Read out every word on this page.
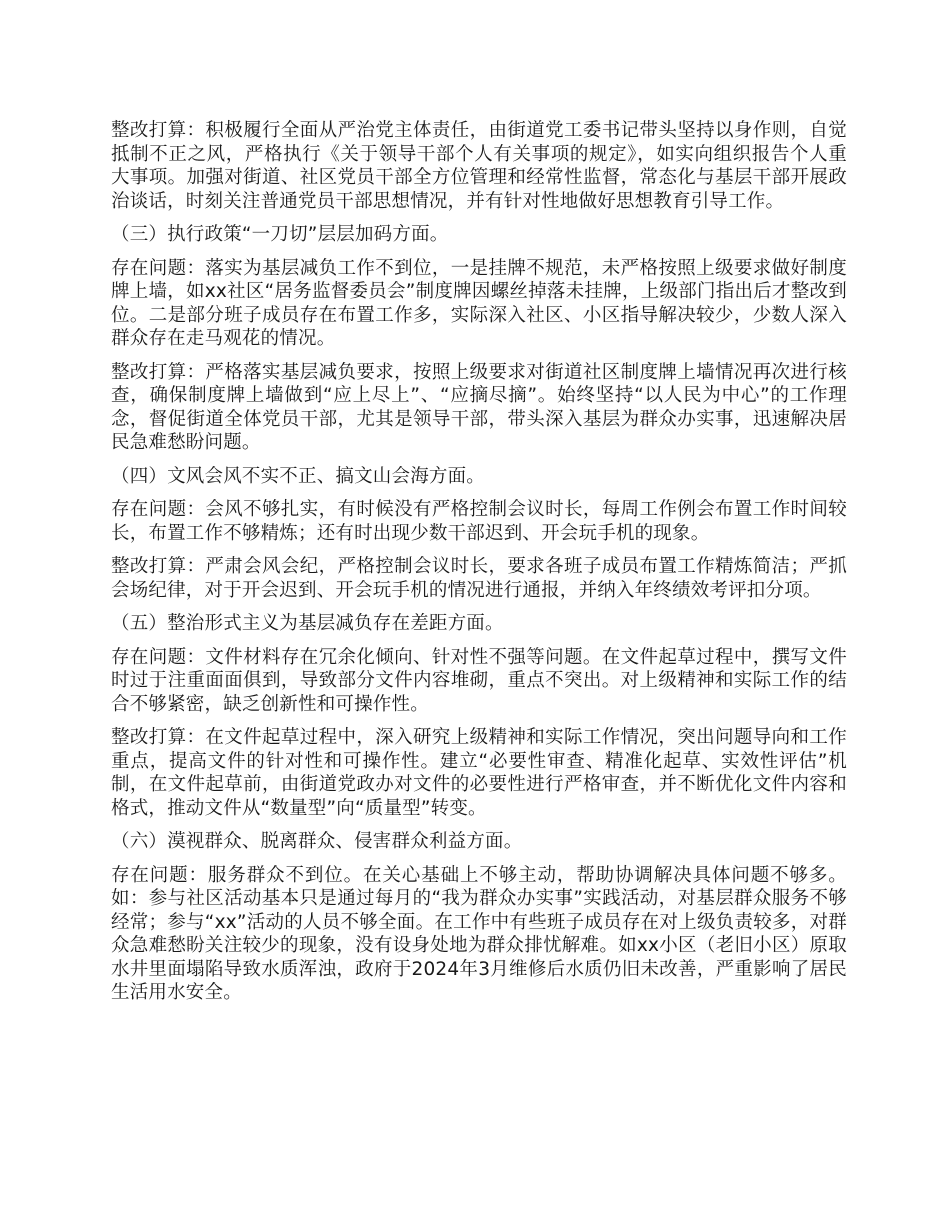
整改打算：积极履行全面从严治党主体责任，由街道党工委书记带头坚持以身作则，自觉抵制不正之风，严格执行《关于领导干部个人有关事项的规定》，如实向组织报告个人重大事项。加强对街道、社区党员干部全方位管理和经常性监督，常态化与基层干部开展政治谈话，时刻关注普通党员干部思想情况，并有针对性地做好思想教育引导工作。

（三）执行政策“一刀切”层层加码方面。

存在问题：落实为基层减负工作不到位，一是挂牌不规范，未严格按照上级要求做好制度牌上墙，如xx社区“居务监督委员会”制度牌因螺丝掉落未挂牌，上级部门指出后才整改到位。二是部分班子成员存在布置工作多，实际深入社区、小区指导解决较少，少数人深入群众存在走马观花的情况。

整改打算：严格落实基层减负要求，按照上级要求对街道社区制度牌上墙情况再次进行核查，确保制度牌上墙做到“应上尽上”、“应摘尽摘”。始终坚持“以人民为中心”的工作理念，督促街道全体党员干部，尤其是领导干部，带头深入基层为群众办实事，迅速解决居民急难愁盼问题。

（四）文风会风不实不正、搞文山会海方面。

存在问题：会风不够扎实，有时候没有严格控制会议时长，每周工作例会布置工作时间较长，布置工作不够精炼；还有时出现少数干部迟到、开会玩手机的现象。

整改打算：严肃会风会纪，严格控制会议时长，要求各班子成员布置工作精炼简洁；严抓会场纪律，对于开会迟到、开会玩手机的情况进行通报，并纳入年终绩效考评扣分项。

（五）整治形式主义为基层减负存在差距方面。

存在问题：文件材料存在冗余化倾向、针对性不强等问题。在文件起草过程中，撰写文件时过于注重面面俱到，导致部分文件内容堆砌，重点不突出。对上级精神和实际工作的结合不够紧密，缺乏创新性和可操作性。

整改打算：在文件起草过程中，深入研究上级精神和实际工作情况，突出问题导向和工作重点，提高文件的针对性和可操作性。建立“必要性审查、精准化起草、实效性评估”机制，在文件起草前，由街道党政办对文件的必要性进行严格审查，并不断优化文件内容和格式，推动文件从“数量型”向“质量型”转变。

（六）漠视群众、脱离群众、侵害群众利益方面。

存在问题：服务群众不到位。在关心基础上不够主动，帮助协调解决具体问题不够多。如：参与社区活动基本只是通过每月的“我为群众办实事”实践活动，对基层群众服务不够经常；参与“xx”活动的人员不够全面。在工作中有些班子成员存在对上级负责较多，对群众急难愁盼关注较少的现象，没有设身处地为群众排忧解难。如xx小区（老旧小区）原取水井里面塌陷导致水质浑浊，政府于2024年3月维修后水质仍旧未改善，严重影响了居民生活用水安全。
